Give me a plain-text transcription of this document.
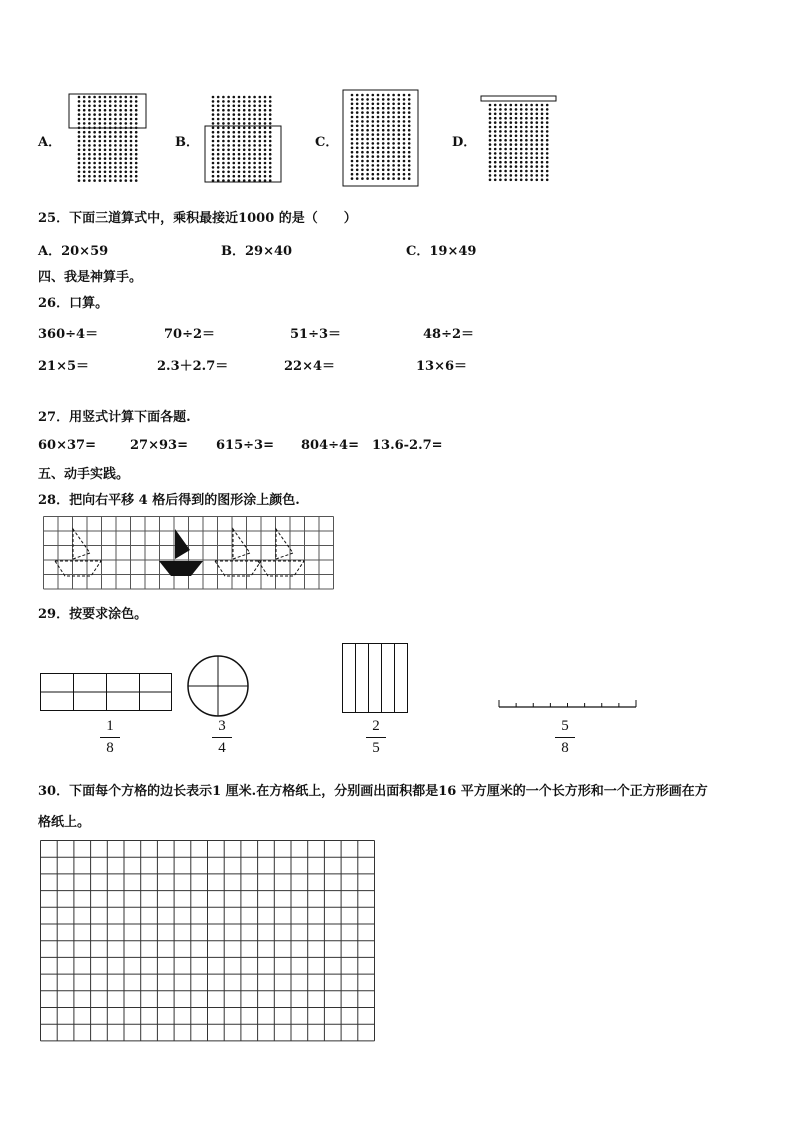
A．	B．	C．	D．
25．下面三道算式中，乘积最接近1000 的是（　　）
A．20×59	B．29×40	C．19×49
四、我是神算手。
26．口算。
360÷4＝	70÷2＝	51÷3＝	48÷2＝
21×5＝	2.3＋2.7＝	22×4＝	13×6＝
27．用竖式计算下面各题.
60×37=	27×93= 615÷3= 804÷4= 13.6-2.7=
五、动手实践。
28．把向右平移 4 格后得到的图形涂上颜色.
29．按要求涂色。
1
8
3
4
2
5
5
8
30．下面每个方格的边长表示1 厘米.在方格纸上，分别画出面积都是16 平方厘米的一个长方形和一个正方形画在方
格纸上。
